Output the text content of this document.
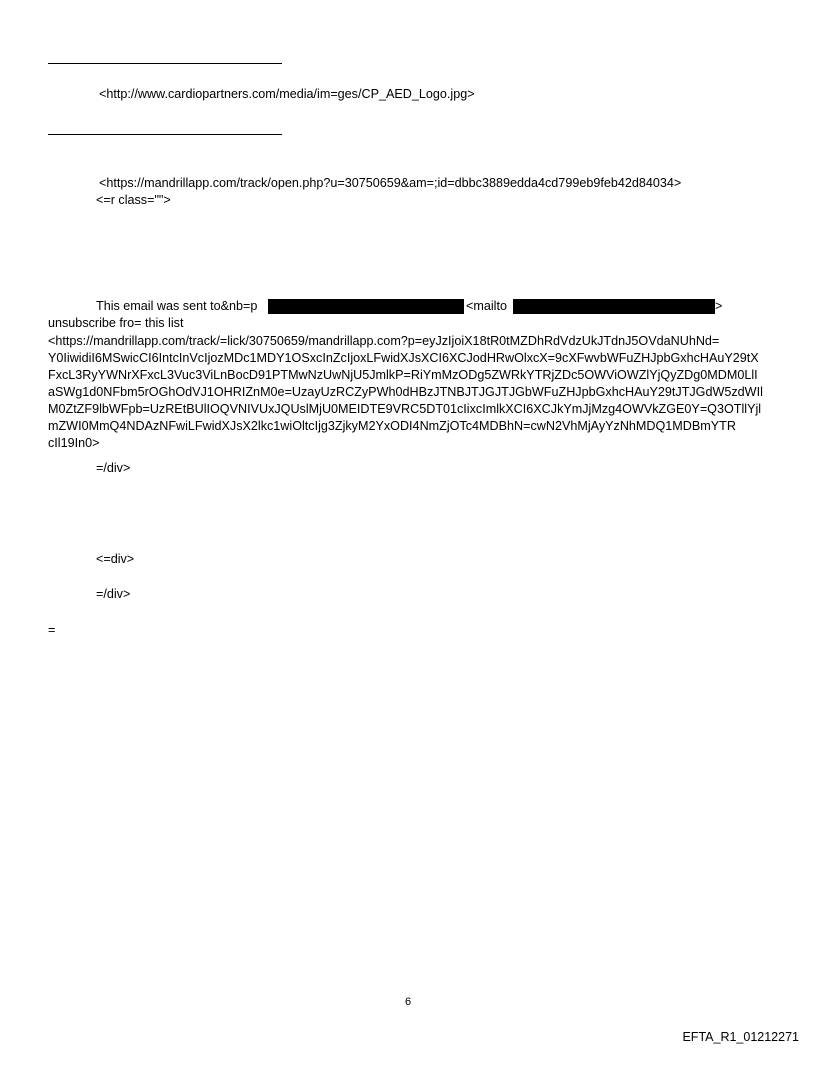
<http://www.cardiopartners.com/media/im=ges/CP_AED_Logo.jpg>
<https://mandrillapp.com/track/open.php?u=30750659&am=;id=dbbc3889edda4cd799eb9feb42d84034>
<=r class="">
This email was sent to&nb=p	<mailto	>
unsubscribe fro= this list
<https://mandrillapp.com/track/=lick/30750659/mandrillapp.com?p=eyJzIjoiX18tR0tMZDhRdVdzUkJTdnJ5OVdaNUhNd=
Y0IiwidiI6MSwicCI6IntcInVcIjozMDc1MDY1OSxcInZcIjoxLFwidXJsXCI6XCJodHRwOlxcX=9cXFwvbWFuZHJpbGxhcHAuY29tX
FxcL3RyYWNrXFxcL3Vuc3ViLnBocD91PTMwNzUwNjU5JmlkP=RiYmMzODg5ZWRkYTRjZDc5OWViOWZlYjQyZDg0MDM0LlI
aSWg1d0NFbm5rOGhOdVJ1OHRIZnM0e=UzayUzRCZyPWh0dHBzJTNBJTJGJTJGbWFuZHJpbGxhcHAuY29tJTJGdW5zdWIl
M0ZtZF9lbWFpb=UzREtBUlIOQVNIVUxJQUslMjU0MEIDTE9VRC5DT01cIixcImlkXCI6XCJkYmJjMzg4OWVkZGE0Y=Q3OTllYjl
mZWI0MmQ4NDAzNFwiLFwidXJsX2lkc1wiOltcIjg3ZjkyM2YxODI4NmZjOTc4MDBhN=cwN2VhMjAyYzNhMDQ1MDBmYTR
cIl19In0>
=/div>
<=div>
=/div>
=
6
EFTA_R1_01212271
